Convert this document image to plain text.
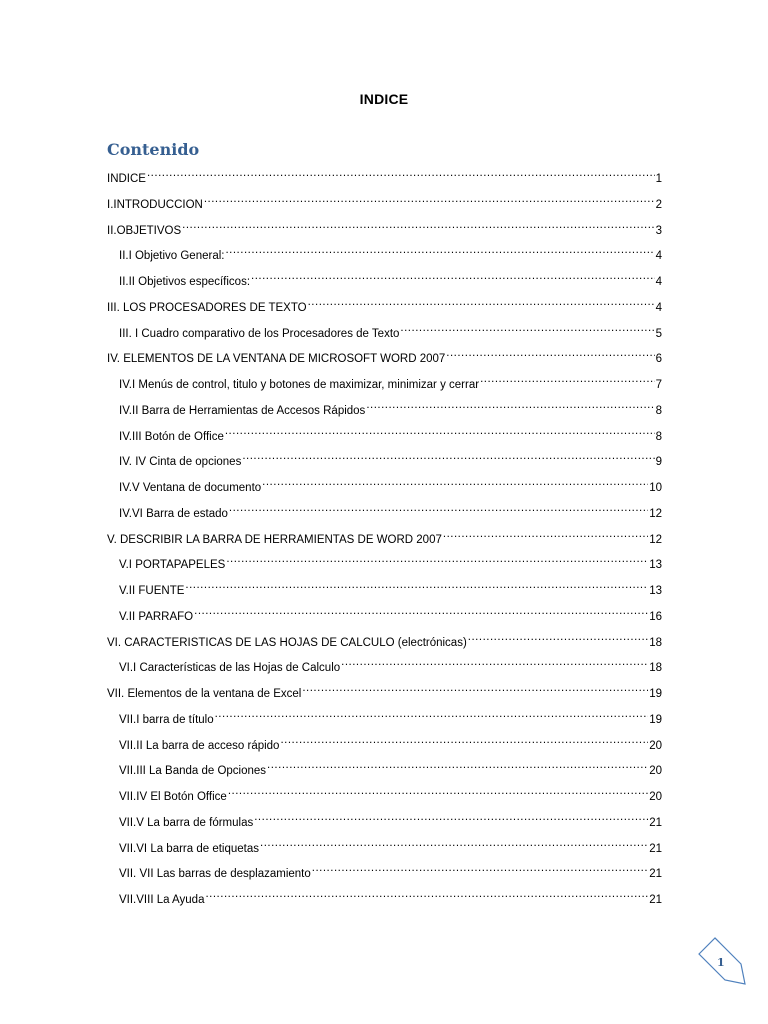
INDICE
Contenido
INDICE .....	1
I.INTRODUCCION .....	2
II.OBJETIVOS .....	3
II.I Objetivo General: .....	4
II.II Objetivos específicos: .....	4
III. LOS PROCESADORES DE TEXTO .....	4
III. I Cuadro comparativo de los Procesadores de Texto .....	5
IV. ELEMENTOS DE LA VENTANA DE MICROSOFT WORD 2007 .....	6
IV.I Menús de control, titulo y botones de maximizar, minimizar y cerrar .....	7
IV.II Barra de Herramientas de Accesos Rápidos .....	8
IV.III Botón de Office .....	8
IV. IV Cinta de opciones .....	9
IV.V Ventana de documento .....	10
IV.VI Barra de estado .....	12
V. DESCRIBIR LA BARRA DE HERRAMIENTAS DE WORD 2007 .....	12
V.I PORTAPAPELES .....	13
V.II FUENTE .....	13
V.II PARRAFO .....	16
VI. CARACTERISTICAS DE LAS HOJAS DE CALCULO (electrónicas) .....	18
VI.I Características de las Hojas de Calculo .....	18
VII. Elementos de la ventana de Excel .....	19
VII.I barra de título .....	19
VII.II La barra de acceso rápido .....	20
VII.III La Banda de Opciones .....	20
VII.IV El Botón Office .....	20
VII.V La barra de fórmulas .....	21
VII.VI La barra de etiquetas .....	21
VII. VII Las barras de desplazamiento .....	21
VII.VIII La Ayuda .....	21
1
